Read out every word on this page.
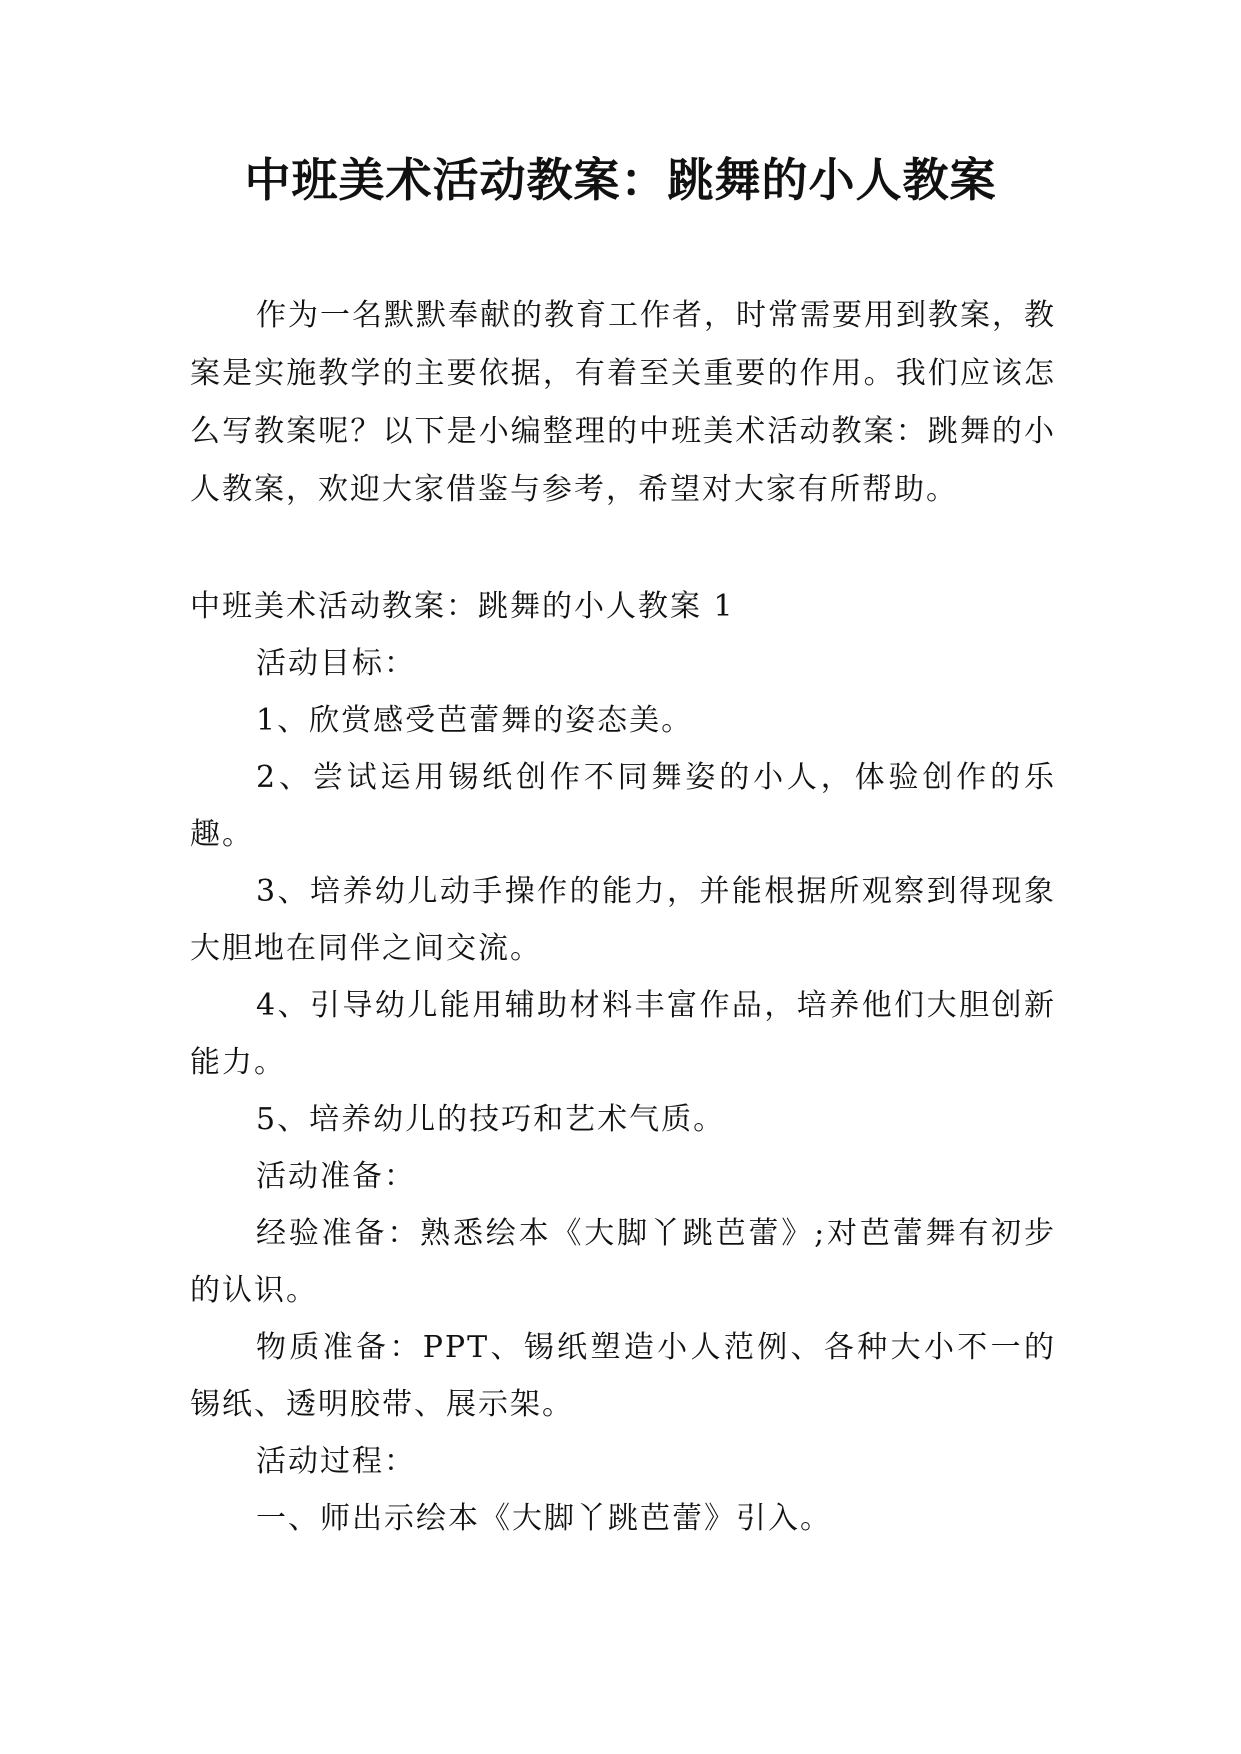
中班美术活动教案：跳舞的小人教案

作为一名默默奉献的教育工作者，时常需要用到教案，教案是实施教学的主要依据，有着至关重要的作用。我们应该怎么写教案呢？以下是小编整理的中班美术活动教案：跳舞的小人教案，欢迎大家借鉴与参考，希望对大家有所帮助。

中班美术活动教案：跳舞的小人教案 1

活动目标：

1、欣赏感受芭蕾舞的姿态美。

2、尝试运用锡纸创作不同舞姿的小人，体验创作的乐趣。

3、培养幼儿动手操作的能力，并能根据所观察到得现象大胆地在同伴之间交流。

4、引导幼儿能用辅助材料丰富作品，培养他们大胆创新能力。

5、培养幼儿的技巧和艺术气质。

活动准备：

经验准备：熟悉绘本《大脚丫跳芭蕾》;对芭蕾舞有初步的认识。

物质准备：PPT、锡纸塑造小人范例、各种大小不一的锡纸、透明胶带、展示架。

活动过程：

一、师出示绘本《大脚丫跳芭蕾》引入。
